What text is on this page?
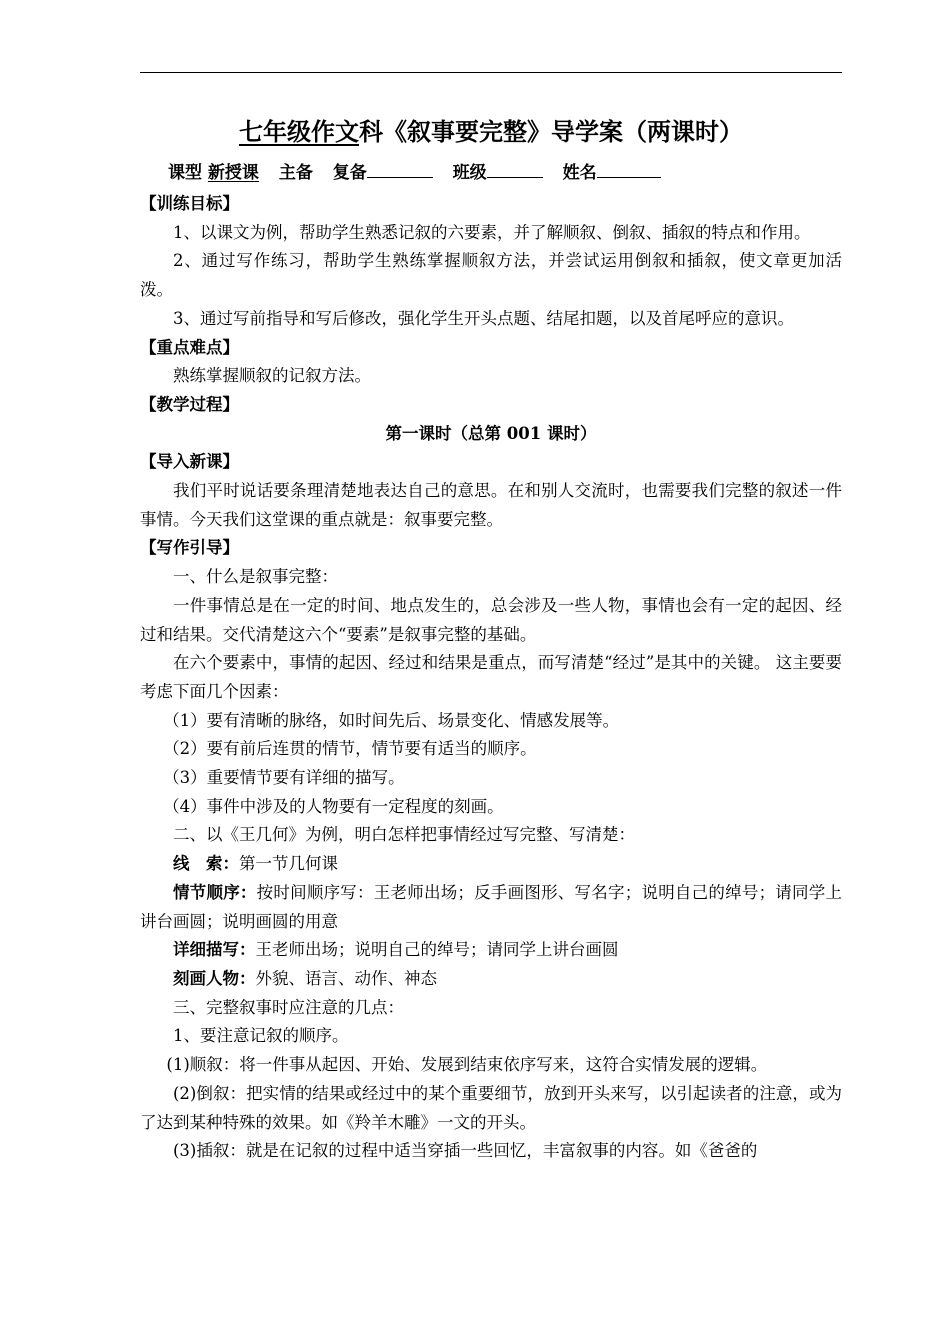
七年级作文科《叙事要完整》导学案（两课时）
课型 新授课 主备 复备	班级	姓名
【训练目标】
1、以课文为例，帮助学生熟悉记叙的六要素，并了解顺叙、倒叙、插叙的特点和作用。
2、通过写作练习，帮助学生熟练掌握顺叙方法，并尝试运用倒叙和插叙，使文章更加活泼。
3、通过写前指导和写后修改，强化学生开头点题、结尾扣题，以及首尾呼应的意识。
【重点难点】
熟练掌握顺叙的记叙方法。
【教学过程】
第一课时（总第 001 课时）
【导入新课】
我们平时说话要条理清楚地表达自己的意思。在和别人交流时，也需要我们完整的叙述一件事情。今天我们这堂课的重点就是：叙事要完整。
【写作引导】
一、什么是叙事完整：
一件事情总是在一定的时间、地点发生的，总会涉及一些人物，事情也会有一定的起因、经过和结果。交代清楚这六个“要素”是叙事完整的基础。
在六个要素中，事情的起因、经过和结果是重点，而写清楚“经过”是其中的关键。 这主要要考虑下面几个因素：
（1）要有清晰的脉络，如时间先后、场景变化、情感发展等。
（2）要有前后连贯的情节，情节要有适当的顺序。
（3）重要情节要有详细的描写。
（4）事件中涉及的人物要有一定程度的刻画。
二、以《王几何》为例，明白怎样把事情经过写完整、写清楚：
线　索：第一节几何课
情节顺序：按时间顺序写：王老师出场；反手画图形、写名字；说明自己的绰号；请同学上讲台画圆；说明画圆的用意
详细描写：王老师出场；说明自己的绰号；请同学上讲台画圆
刻画人物：外貌、语言、动作、神态
三、完整叙事时应注意的几点：
1、要注意记叙的顺序。
(1)顺叙：将一件事从起因、开始、发展到结束依序写来，这符合实情发展的逻辑。
(2)倒叙：把实情的结果或经过中的某个重要细节，放到开头来写，以引起读者的注意，或为了达到某种特殊的效果。如《羚羊木雕》一文的开头。
(3)插叙：就是在记叙的过程中适当穿插一些回忆，丰富叙事的内容。如《爸爸的
